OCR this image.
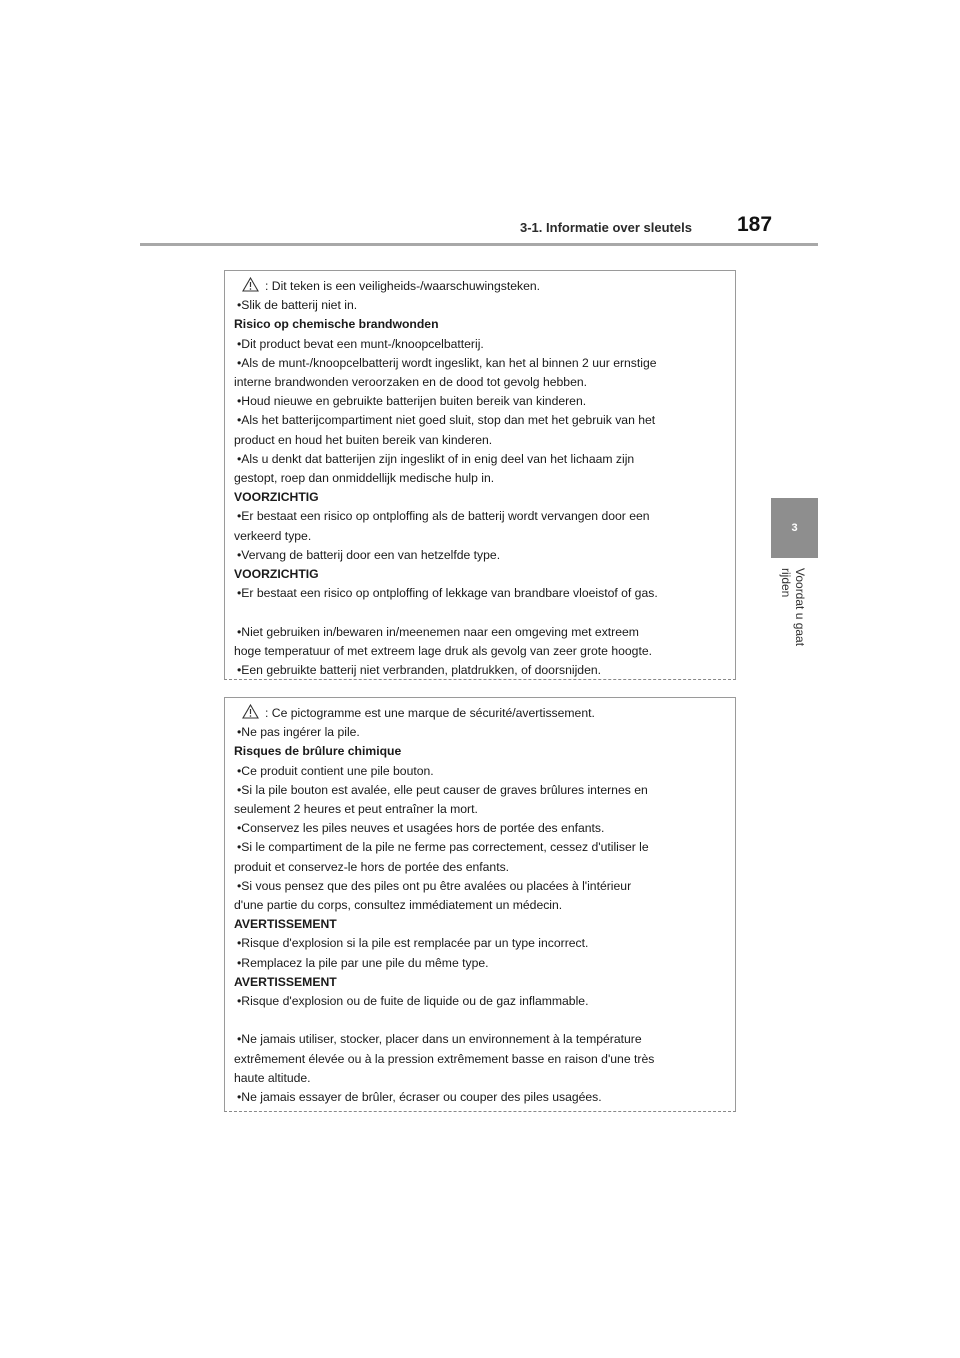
3-1. Informatie over sleutels 187
3
Voordat u gaat rijden
: Dit teken is een veiligheids-/waarschuwingsteken.
•Slik de batterij niet in.
Risico op chemische brandwonden
•Dit product bevat een munt-/knoopcelbatterij.
•Als de munt-/knoopcelbatterij wordt ingeslikt, kan het al binnen 2 uur ernstige
interne brandwonden veroorzaken en de dood tot gevolg hebben.
•Houd nieuwe en gebruikte batterijen buiten bereik van kinderen.
•Als het batterijcompartiment niet goed sluit, stop dan met het gebruik van het
product en houd het buiten bereik van kinderen.
•Als u denkt dat batterijen zijn ingeslikt of in enig deel van het lichaam zijn
gestopt, roep dan onmiddellijk medische hulp in.
VOORZICHTIG
•Er bestaat een risico op ontploffing als de batterij wordt vervangen door een
verkeerd type.
•Vervang de batterij door een van hetzelfde type.
VOORZICHTIG
•Er bestaat een risico op ontploffing of lekkage van brandbare vloeistof of gas.
•Niet gebruiken in/bewaren in/meenemen naar een omgeving met extreem
hoge temperatuur of met extreem lage druk als gevolg van zeer grote hoogte.
•Een gebruikte batterij niet verbranden, platdrukken, of doorsnijden.
: Ce pictogramme est une marque de sécurité/avertissement.
•Ne pas ingérer la pile.
Risques de brûlure chimique
•Ce produit contient une pile bouton.
•Si la pile bouton est avalée, elle peut causer de graves brûlures internes en
seulement 2 heures et peut entraîner la mort.
•Conservez les piles neuves et usagées hors de portée des enfants.
•Si le compartiment de la pile ne ferme pas correctement, cessez d'utiliser le
produit et conservez-le hors de portée des enfants.
•Si vous pensez que des piles ont pu être avalées ou placées à l'intérieur
d'une partie du corps, consultez immédiatement un médecin.
AVERTISSEMENT
•Risque d'explosion si la pile est remplacée par un type incorrect.
•Remplacez la pile par une pile du même type.
AVERTISSEMENT
•Risque d'explosion ou de fuite de liquide ou de gaz inflammable.
•Ne jamais utiliser, stocker, placer dans un environnement à la température
extrêmement élevée ou à la pression extrêmement basse en raison d'une très
haute altitude.
•Ne jamais essayer de brûler, écraser ou couper des piles usagées.
